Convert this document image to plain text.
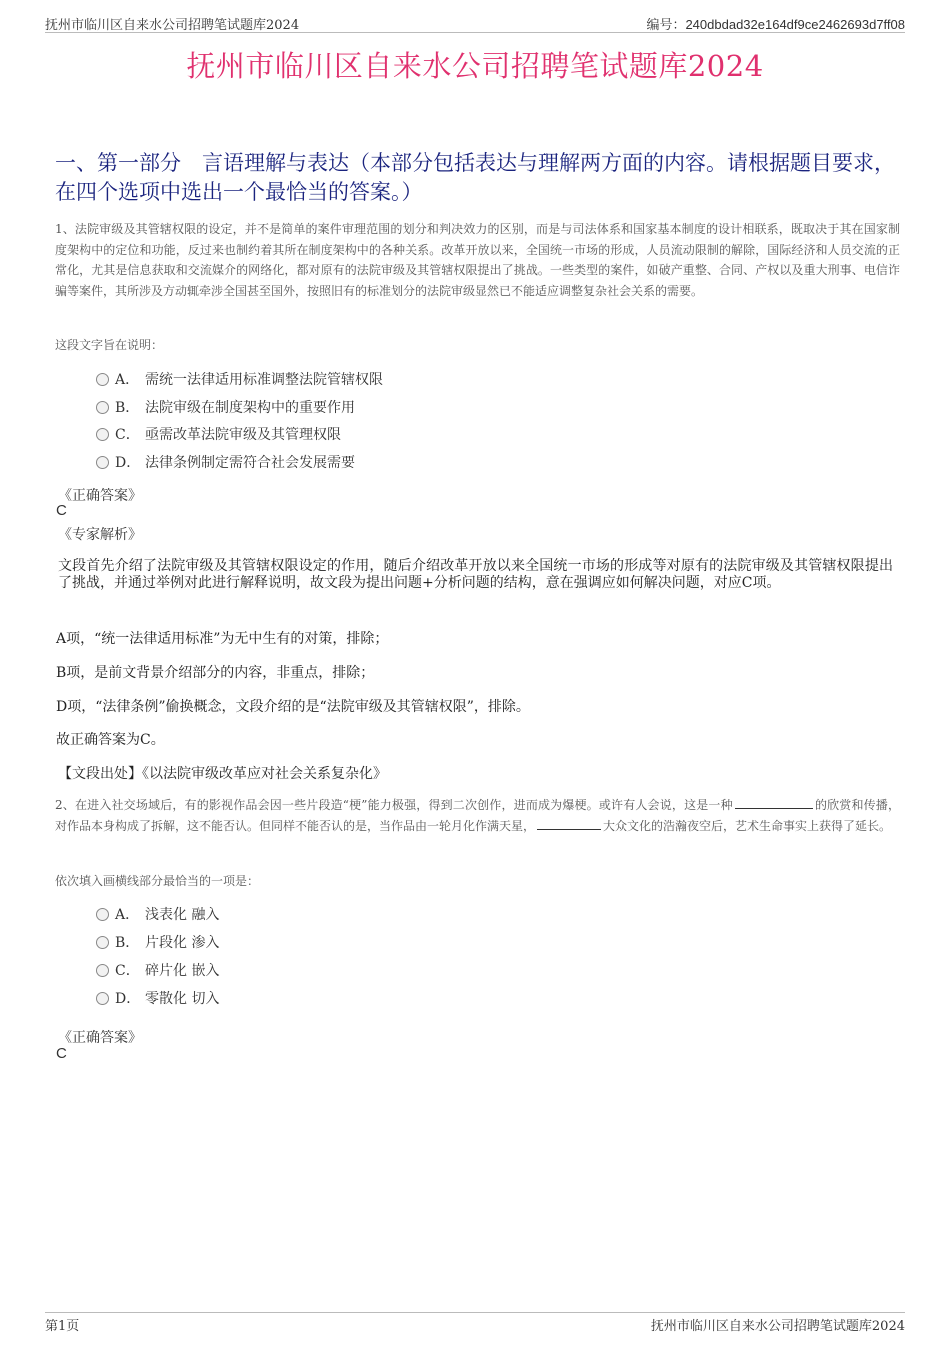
抚州市临川区自来水公司招聘笔试题库2024	编号：240dbdad32e164df9ce2462693d7ff08
抚州市临川区自来水公司招聘笔试题库2024
一、第一部分　言语理解与表达（本部分包括表达与理解两方面的内容。请根据题目要求，在四个选项中选出一个最恰当的答案。）
1、法院审级及其管辖权限的设定，并不是简单的案件审理范围的划分和判决效力的区别，而是与司法体系和国家基本制度的设计相联系，既取决于其在国家制度架构中的定位和功能，反过来也制约着其所在制度架构中的各种关系。改革开放以来，全国统一市场的形成，人员流动限制的解除，国际经济和人员交流的正常化，尤其是信息获取和交流媒介的网络化，都对原有的法院审级及其管辖权限提出了挑战。一些类型的案件，如破产重整、合同、产权以及重大刑事、电信诈骗等案件，其所涉及方动辄牵涉全国甚至国外，按照旧有的标准划分的法院审级显然已不能适应调整复杂社会关系的需要。
这段文字旨在说明：
A． 需统一法律适用标准调整法院管辖权限
B． 法院审级在制度架构中的重要作用
C． 亟需改革法院审级及其管理权限
D． 法律条例制定需符合社会发展需要
《正确答案》
C
《专家解析》
文段首先介绍了法院审级及其管辖权限设定的作用，随后介绍改革开放以来全国统一市场的形成等对原有的法院审级及其管辖权限提出了挑战，并通过举例对此进行解释说明，故文段为提出问题+分析问题的结构，意在强调应如何解决问题，对应C项。
A项，“统一法律适用标准”为无中生有的对策，排除；
B项，是前文背景介绍部分的内容，非重点，排除；
D项，“法律条例”偷换概念，文段介绍的是“法院审级及其管辖权限”，排除。
故正确答案为C。
【文段出处】《以法院审级改革应对社会关系复杂化》
2、在进入社交场域后，有的影视作品会因一些片段造“梗”能力极强，得到二次创作，进而成为爆梗。或许有人会说，这是一种	的欣赏和传播，对作品本身构成了拆解，这不能否认。但同样不能否认的是，当作品由一轮月化作满天星，	大众文化的浩瀚夜空后，艺术生命事实上获得了延长。
依次填入画横线部分最恰当的一项是：
A． 浅表化 融入
B． 片段化 渗入
C． 碎片化 嵌入
D． 零散化 切入
《正确答案》
C
第1页	抚州市临川区自来水公司招聘笔试题库2024
